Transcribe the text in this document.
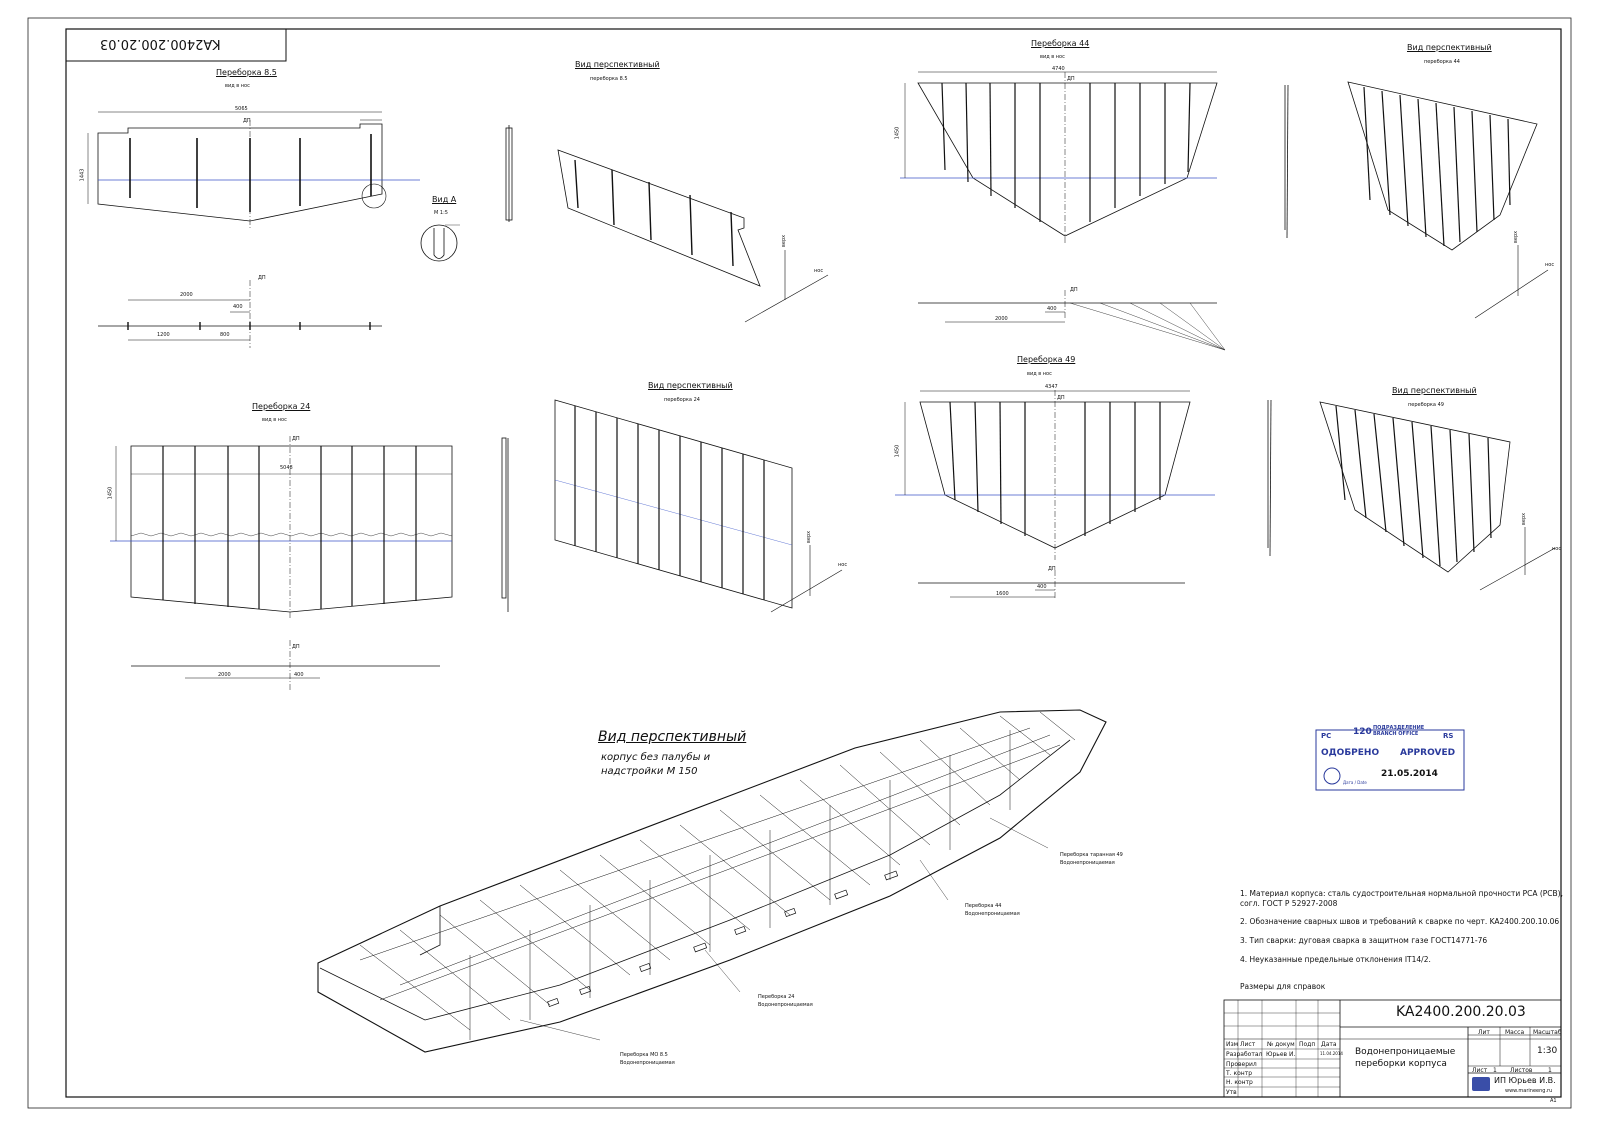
KA2400.200.20.03
Переборка 8.5
вид в нос
5065
1443
ДП
Вид А
М 1:5
2000
400
1200	800
ДП
Вид перспективный
переборка 8.5
верх
нос
Переборка 24
вид в нос
5048
1450
ДП
2000	400
ДП
Вид перспективный
переборка 24
верх
нос
Переборка 44
вид в нос
4740
1450
ДП
2000
400
ДП
Вид перспективный
переборка 44
верх
нос
Переборка 49
вид в нос
4347
1450
ДП
1600
400
ДП
Вид перспективный
переборка 49
верх
нос
Вид перспективный
корпус без палубы и
надстройки М 150
Переборка МО 8.5
Водонепроницаемая
Переборка 24
Водонепроницаемая
Переборка 44
Водонепроницаемая
Переборка таранная 49
Водонепроницаемая
1. Материал корпуса: сталь судостроительная нормальной прочности PCA (PCB),
согл. ГОСТ Р 52927-2008
2. Обозначение сварных швов и требований к сварке по черт. KA2400.200.10.06
3. Тип сварки: дуговая сварка в защитном газе ГОСТ14771-76
4. Неуказанные предельные отклонения IT14/2.
Размеры для справок
120 ПОДРАЗДЕЛЕНИЕ
BRANCH OFFICE
РС	RS
ОДОБРЕНО APPROVED
21.05.2014
Дата / Date
KA2400.200.20.03
Водонепроницаемые переборки корпуса
Лит	Масса Масштаб
1:30
Лист 1 Листов	1
ИП Юрьев И.В.
www.marineeng.ru
A1
Изм Лист № докум Подп Дата
Разработал Юрьев И.	11.04.2014
Проверил
Т. контр
Н. контр
Утв
